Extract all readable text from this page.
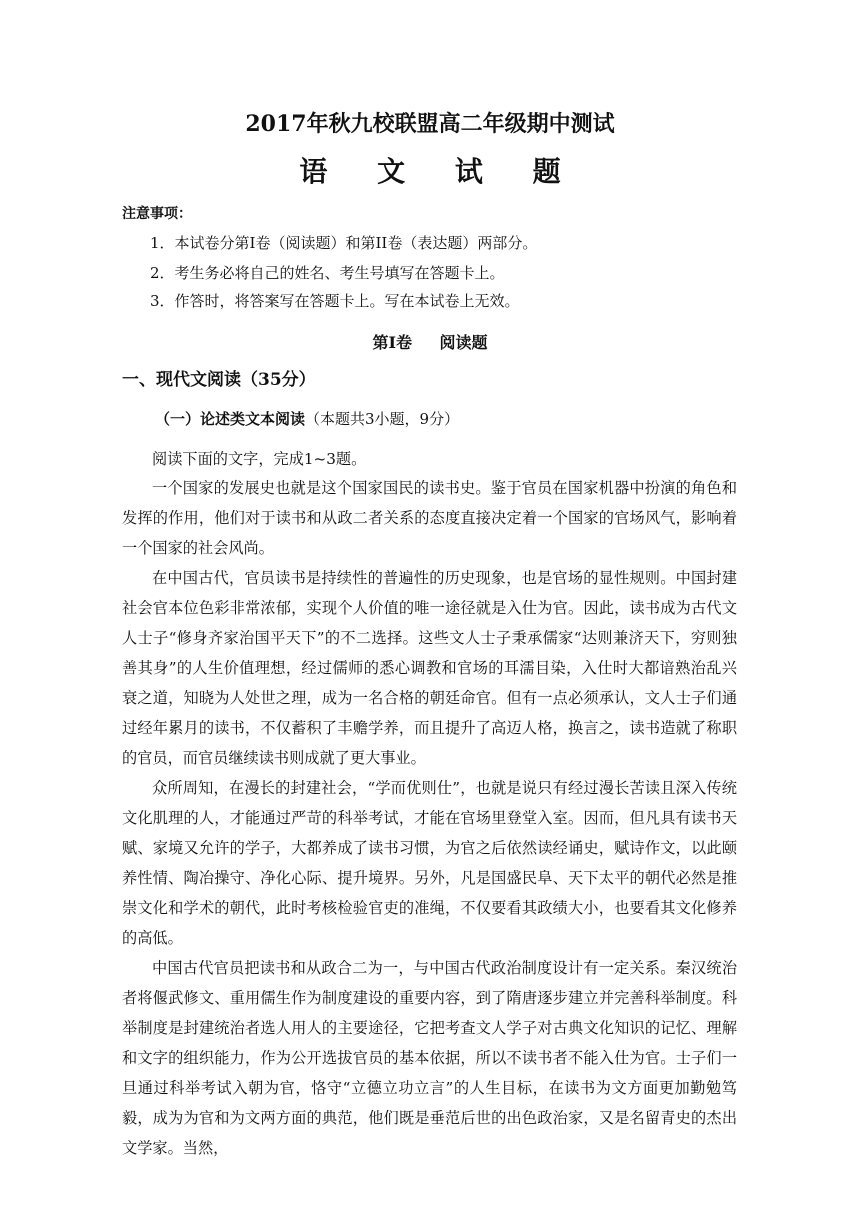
2017年秋九校联盟高二年级期中测试
语 文 试 题
注意事项：
1．本试卷分第Ⅰ卷（阅读题）和第II卷（表达题）两部分。
2．考生务必将自己的姓名、考生号填写在答题卡上。
3．作答时，将答案写在答题卡上。写在本试卷上无效。
第Ⅰ卷 阅读题
一、现代文阅读（35分）
（一）论述类文本阅读（本题共3小题，9分）
阅读下面的文字，完成1~3题。

一个国家的发展史也就是这个国家国民的读书史。鉴于官员在国家机器中扮演的角色和发挥的作用，他们对于读书和从政二者关系的态度直接决定着一个国家的官场风气，影响着一个国家的社会风尚。

在中国古代，官员读书是持续性的普遍性的历史现象，也是官场的显性规则。中国封建社会官本位色彩非常浓郁，实现个人价值的唯一途径就是入仕为官。因此，读书成为古代文人士子“修身齐家治国平天下”的不二选择。这些文人士子秉承儒家“达则兼济天下，穷则独善其身”的人生价值理想，经过儒师的悉心调教和官场的耳濡目染，入仕时大都谙熟治乱兴衰之道，知晓为人处世之理，成为一名合格的朝廷命官。但有一点必须承认，文人士子们通过经年累月的读书，不仅蓄积了丰赡学养，而且提升了高迈人格，换言之，读书造就了称职的官员，而官员继续读书则成就了更大事业。

众所周知，在漫长的封建社会，“学而优则仕”，也就是说只有经过漫长苦读且深入传统文化肌理的人，才能通过严苛的科举考试，才能在官场里登堂入室。因而，但凡具有读书天赋、家境又允许的学子，大都养成了读书习惯，为官之后依然读经诵史，赋诗作文，以此颐养性情、陶冶操守、净化心际、提升境界。另外，凡是国盛民阜、天下太平的朝代必然是推崇文化和学术的朝代，此时考核检验官吏的准绳，不仅要看其政绩大小，也要看其文化修养的高低。

中国古代官员把读书和从政合二为一，与中国古代政治制度设计有一定关系。秦汉统治者将偃武修文、重用儒生作为制度建设的重要内容，到了隋唐逐步建立并完善科举制度。科举制度是封建统治者选人用人的主要途径，它把考查文人学子对古典文化知识的记忆、理解和文字的组织能力，作为公开选拔官员的基本依据，所以不读书者不能入仕为官。士子们一旦通过科举考试入朝为官，恪守“立德立功立言”的人生目标，在读书为文方面更加勤勉笃毅，成为为官和为文两方面的典范，他们既是垂范后世的出色政治家，又是名留青史的杰出文学家。当然，
